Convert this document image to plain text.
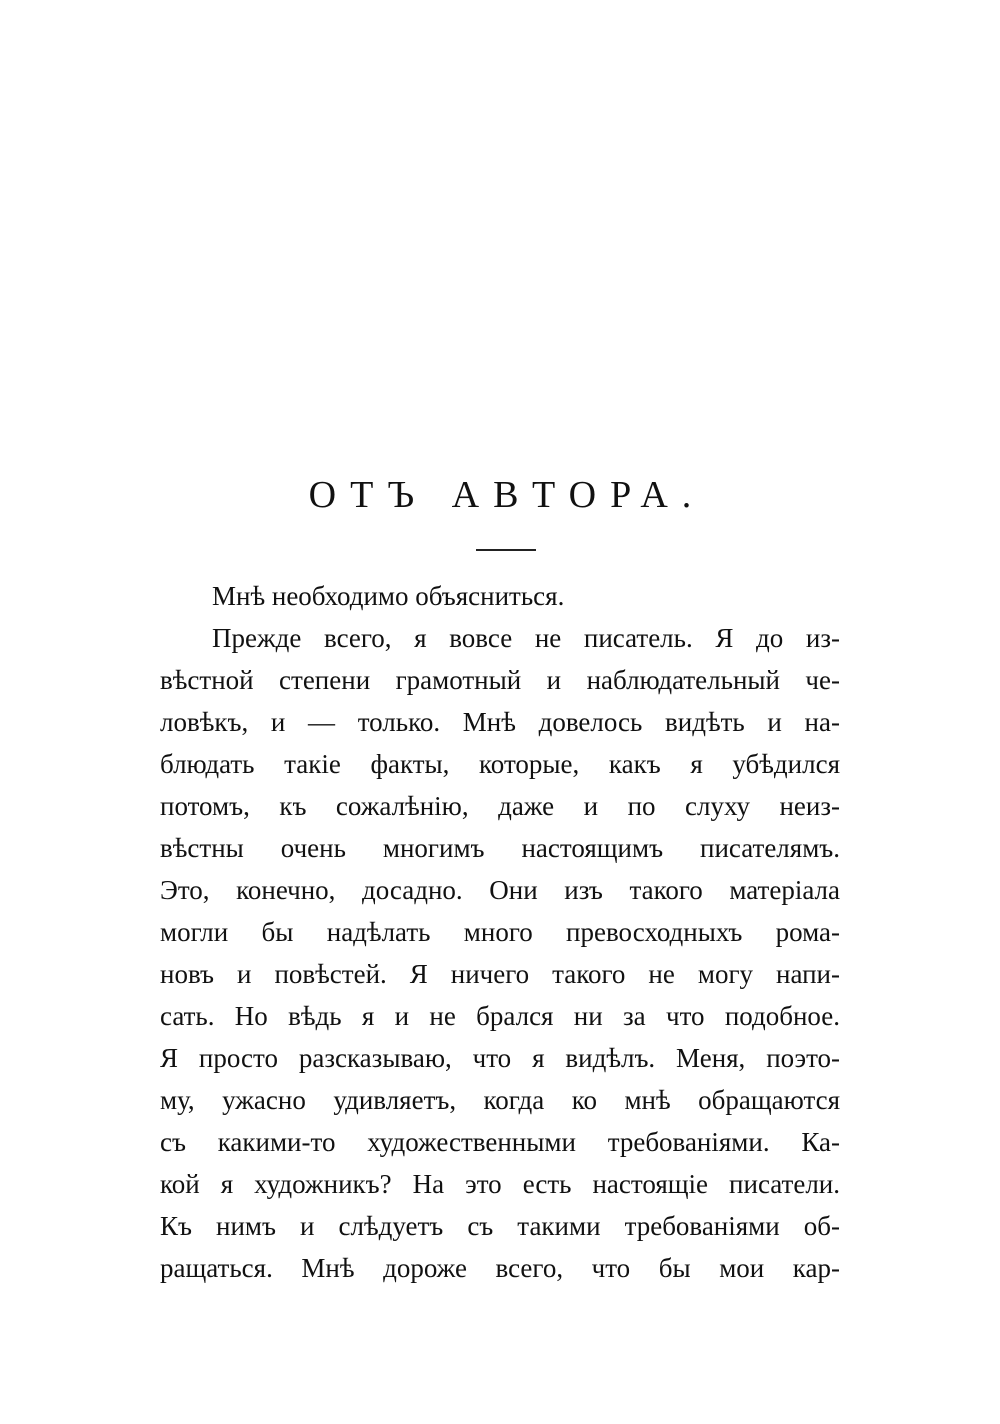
ОТЪ АВТОРА.
Мнѣ необходимо объясниться.
Прежде всего, я вовсе не писатель. Я до из-
вѣстной степени грамотный и наблюдательный че-
ловѣкъ, и — только. Мнѣ довелось видѣть и на-
блюдать такіе факты, которые, какъ я убѣдился
потомъ, къ сожалѣнію, даже и по слуху неиз-
вѣстны очень многимъ настоящимъ писателямъ.
Это, конечно, досадно. Они изъ такого матеріала
могли бы надѣлать много превосходныхъ рома-
новъ и повѣстей. Я ничего такого не могу напи-
сать. Но вѣдь я и не брался ни за что подобное.
Я просто разсказываю, что я видѣлъ. Меня, поэто-
му, ужасно удивляетъ, когда ко мнѣ обращаются
съ какими-то художественными требованіями. Ка-
кой я художникъ? На это есть настоящіе писатели.
Къ нимъ и слѣдуетъ съ такими требованіями об-
ращаться. Мнѣ дороже всего, что бы мои кар-
